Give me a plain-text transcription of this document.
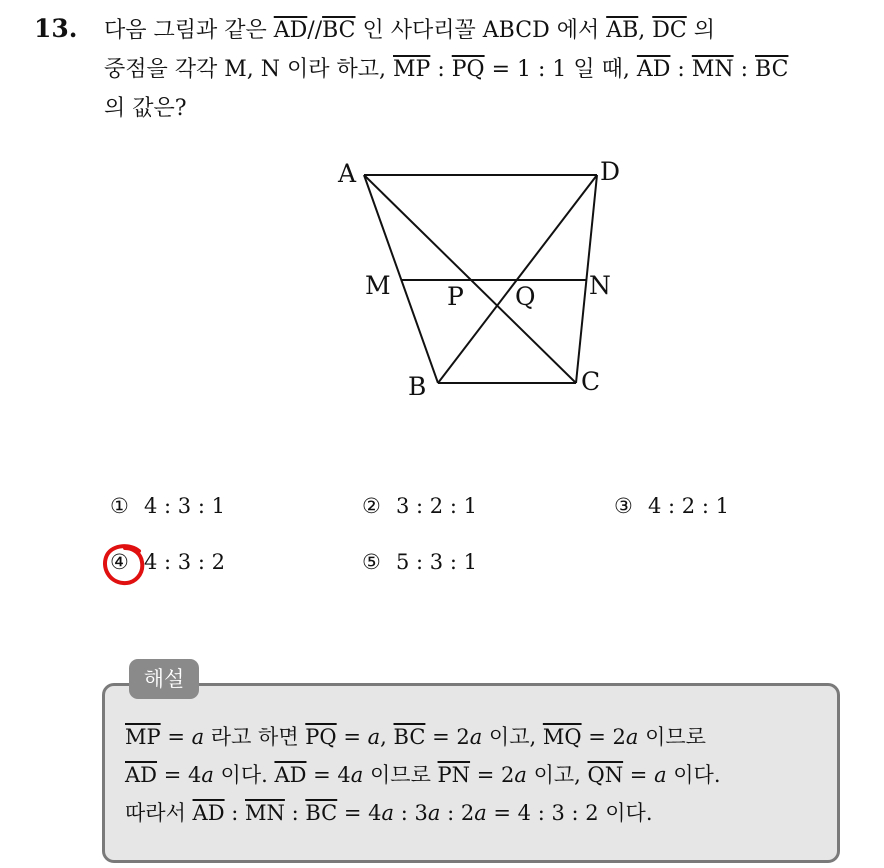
13. 다음 그림과 같은 $\overline{AD}//\overline{BC}$ 인 사다리꼴 ABCD 에서 $\overline{AB}$, $\overline{DC}$ 의
중점을 각각 M, N 이라 하고, $\overline{MP}$ : $\overline{PQ} = 1$ : 1 일 때, $\overline{AD}$ : $\overline{MN}$ : $\overline{BC}$
의 값은?
A	D
M	N
P Q
B	C
① 4 : 3 : 1	② 3 : 2 : 1	③ 4 : 2 : 1
④ 4 : 3 : 2	⑤ 5 : 3 : 1
해설
$\overline{MP} = a$ 라고 하면 $\overline{PQ} = a$, $\overline{BC} = 2a$ 이고, $\overline{MQ} = 2a$ 이므로
$\overline{AD} = 4a$ 이다. $\overline{AD} = 4a$ 이므로 $\overline{PN} = 2a$ 이고, $\overline{QN} = a$ 이다.
따라서 $\overline{AD}$ : $\overline{MN}$ : $\overline{BC} = 4a$ : 3a : 2a = 4 : 3 : 2 이다.
